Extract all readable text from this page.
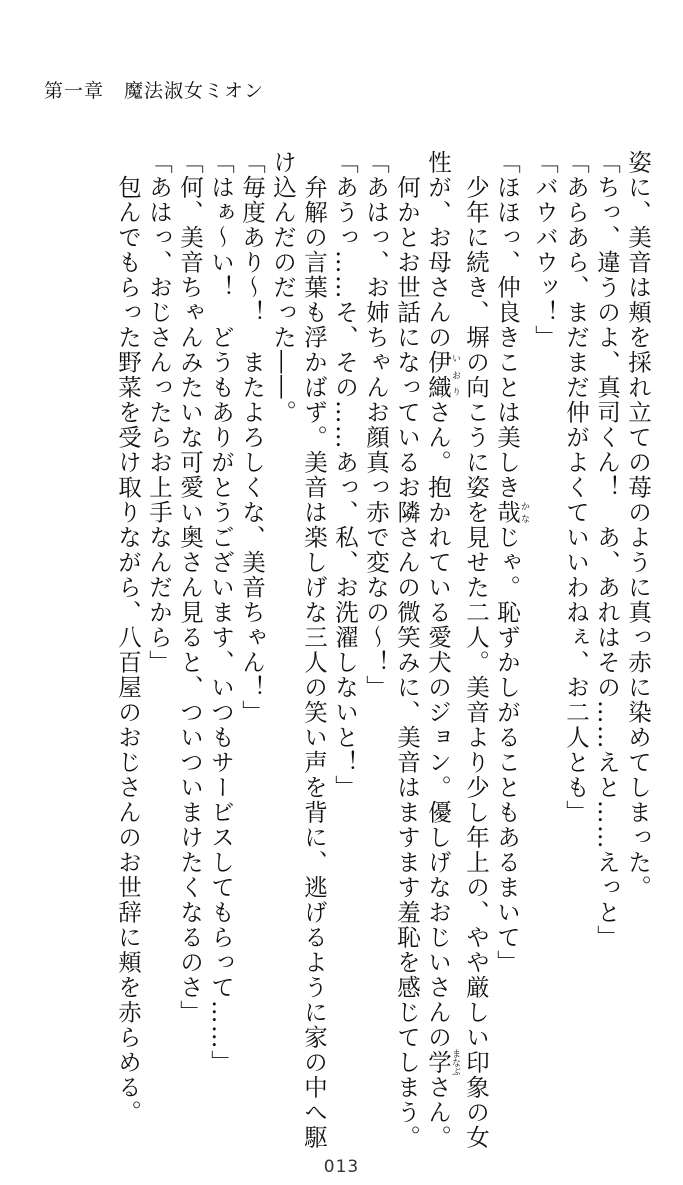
第一章　魔法淑女ミオン
姿に、美音は頬を採れ立ての苺のように真っ赤に染めてしまった。
「ちっ、違うのよ、真司くん！　あ、あれはその……えと……えっと」
「あらあら、まだまだ仲がよくていいわねぇ、お二人とも」
「バウバウッ！」
「ほほっ、仲良きことは美しき哉かなじゃ。恥ずかしがることもあるまいて」
　少年に続き、塀の向こうに姿を見せた二人。美音より少し年上の、やや厳しい印象の女
性が、お母さんの伊織いおりさん。抱かれている愛犬のジョン。優しげなおじいさんの学まなぶさん。
　何かとお世話になっているお隣さんの微笑みに、美音はますます羞恥を感じてしまう。
「あはっ、お姉ちゃんお顔真っ赤で変なの～！」
「あうっ……そ、その……あっ、私、お洗濯しないと！」
　弁解の言葉も浮かばず。美音は楽しげな三人の笑い声を背に、逃げるように家の中へ駆
け込んだのだった――。
「毎度あり～！　またよろしくな、美音ちゃん！」
「はぁ～い！　どうもありがとうございます、いつもサービスしてもらって……」
「何、美音ちゃんみたいな可愛い奥さん見ると、ついついまけたくなるのさ」
「あはっ、おじさんったらお上手なんだから」
　包んでもらった野菜を受け取りながら、八百屋のおじさんのお世辞に頬を赤らめる。
013
